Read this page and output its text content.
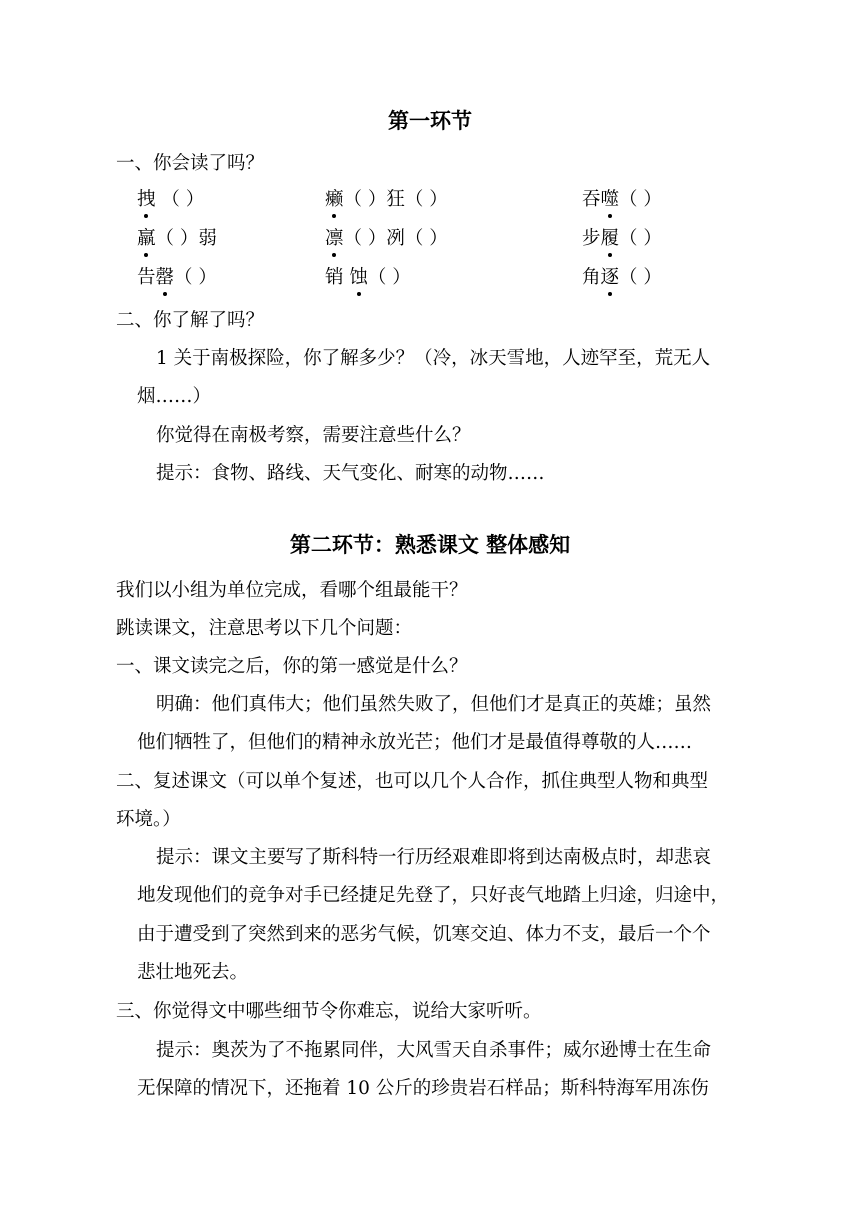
第一环节
一、你会读了吗？
拽 （ ）	癞（ ）狂（ ）	吞噬（ ）
羸（ ）弱	凛（ ）冽（ ）	步履（ ）
告罄（ ）	销 蚀（ ）	角逐（ ）
二、你了解了吗？
1 关于南极探险，你了解多少？（冷，冰天雪地，人迹罕至，荒无人
烟……）
你觉得在南极考察，需要注意些什么？
提示：食物、路线、天气变化、耐寒的动物……
第二环节：熟悉课文 整体感知
我们以小组为单位完成，看哪个组最能干？
跳读课文，注意思考以下几个问题：
一、课文读完之后，你的第一感觉是什么？
明确：他们真伟大；他们虽然失败了，但他们才是真正的英雄；虽然
他们牺牲了，但他们的精神永放光芒；他们才是最值得尊敬的人……
二、复述课文（可以单个复述，也可以几个人合作，抓住典型人物和典型
环境。）
提示：课文主要写了斯科特一行历经艰难即将到达南极点时，却悲哀
地发现他们的竞争对手已经捷足先登了，只好丧气地踏上归途，归途中，
由于遭受到了突然到来的恶劣气候，饥寒交迫、体力不支，最后一个个
悲壮地死去。
三、你觉得文中哪些细节令你难忘，说给大家听听。
提示：奥茨为了不拖累同伴，大风雪天自杀事件；威尔逊博士在生命
无保障的情况下，还拖着 10 公斤的珍贵岩石样品；斯科特海军用冻伤
